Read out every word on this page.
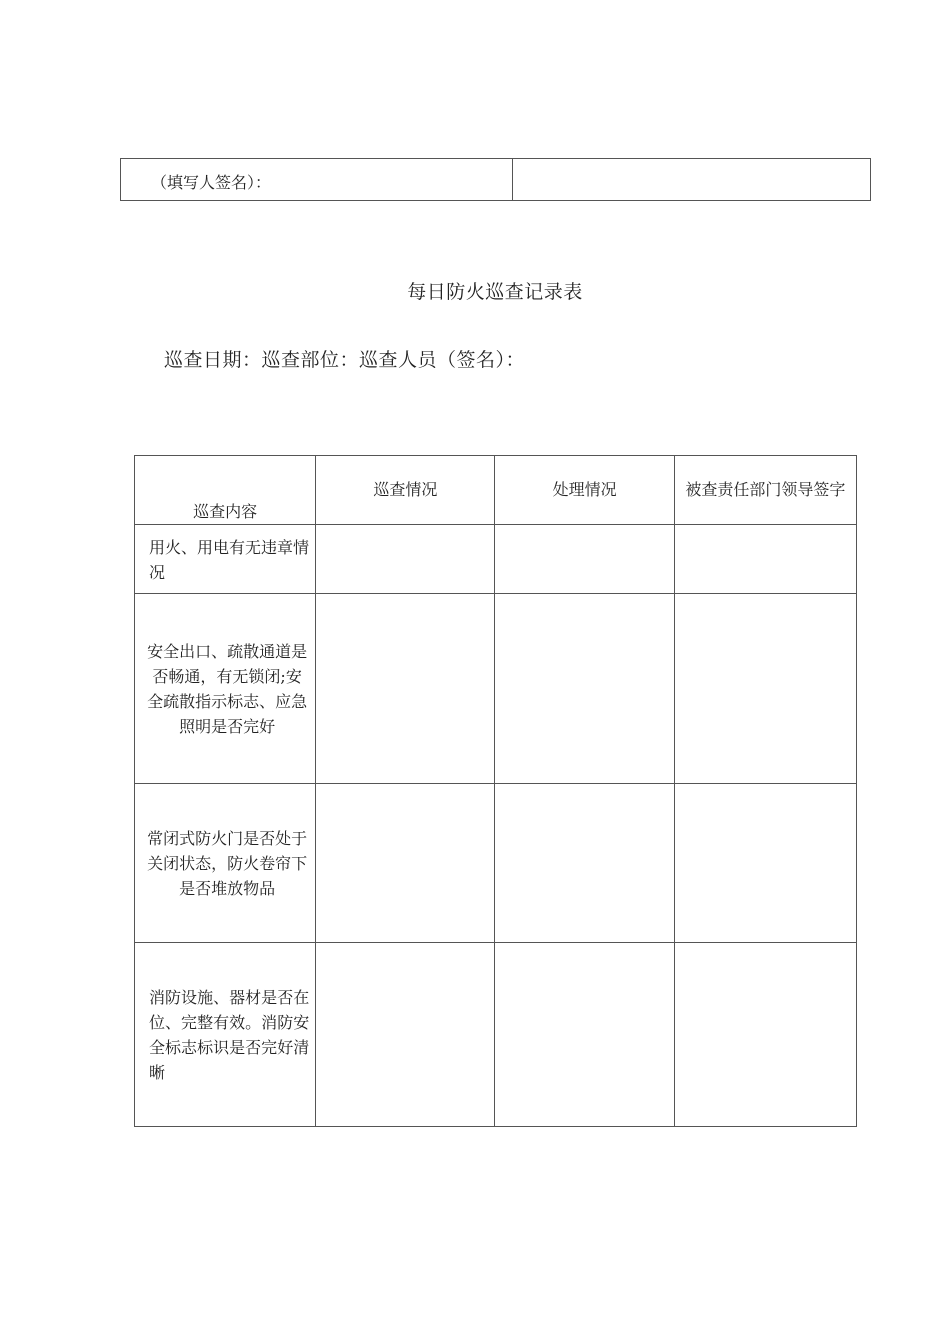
（填写人签名）：	
每日防火巡查记录表
巡查日期：巡查部位：巡查人员（签名）：
巡查内容	巡查情况	处理情况	被查责任部门领导签字
用火、用电有无违章情况			
安全出口、疏散通道是否畅通，有无锁闭;安全疏散指示标志、应急照明是否完好			
常闭式防火门是否处于关闭状态，防火卷帘下是否堆放物品			
消防设施、器材是否在位、完整有效。消防安全标志标识是否完好清晰			
